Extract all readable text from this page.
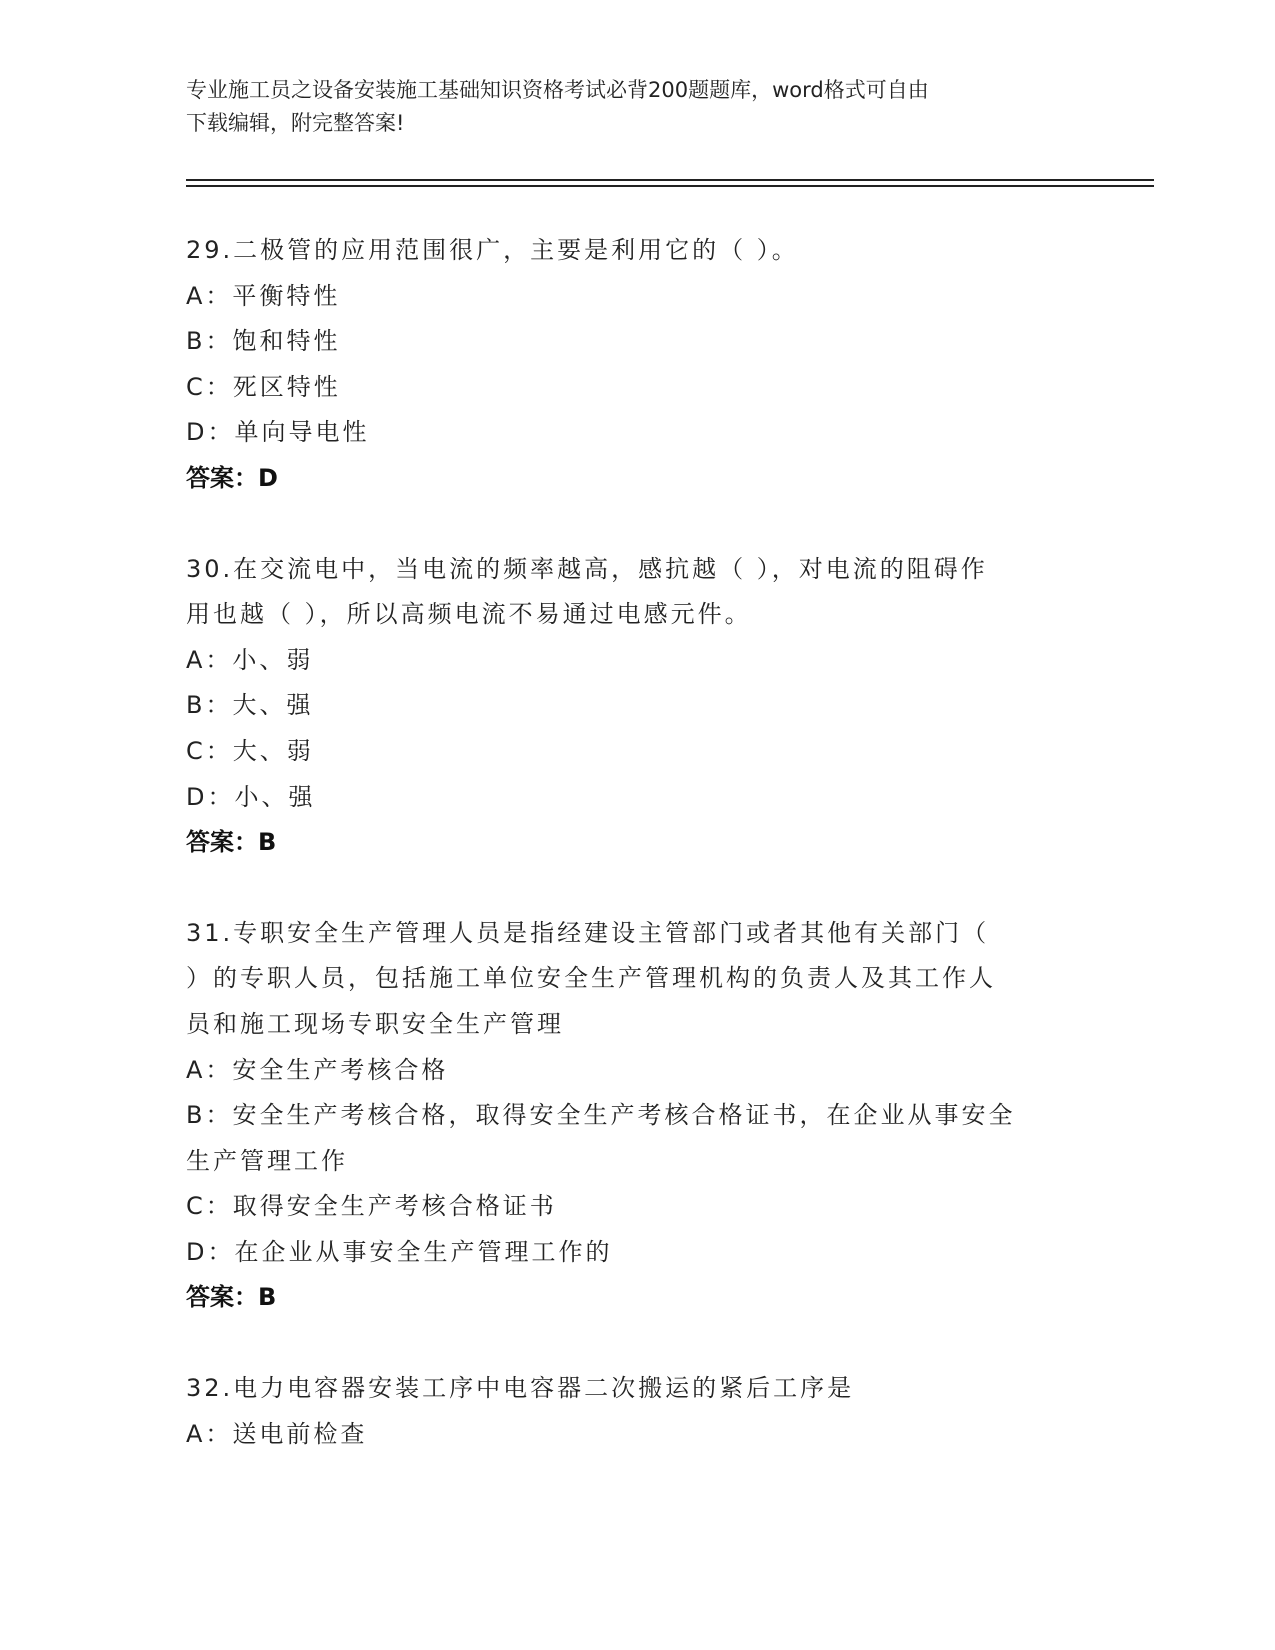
专业施工员之设备安装施工基础知识资格考试必背200题题库，word格式可自由
下载编辑，附完整答案!
29.二极管的应用范围很广，主要是利用它的（ ）。
A：平衡特性
B：饱和特性
C：死区特性
D：单向导电性
答案：D
30.在交流电中，当电流的频率越高，感抗越（ ），对电流的阻碍作
用也越（ ），所以高频电流不易通过电感元件。
A：小、弱
B：大、强
C：大、弱
D：小、强
答案：B
31.专职安全生产管理人员是指经建设主管部门或者其他有关部门（
）的专职人员，包括施工单位安全生产管理机构的负责人及其工作人
员和施工现场专职安全生产管理
A：安全生产考核合格
B：安全生产考核合格，取得安全生产考核合格证书，在企业从事安全
生产管理工作
C：取得安全生产考核合格证书
D：在企业从事安全生产管理工作的
答案：B
32.电力电容器安装工序中电容器二次搬运的紧后工序是
A：送电前检查
